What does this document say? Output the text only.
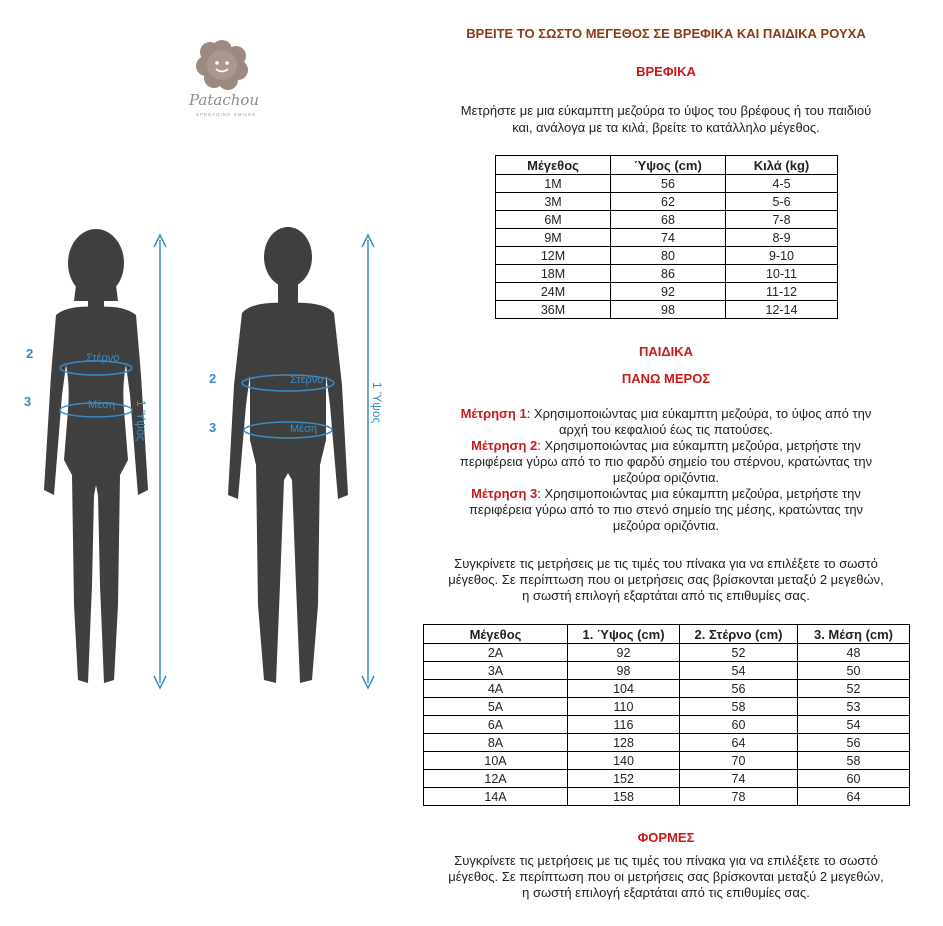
Patachou
SPREADING SMILES
2	Στέρνο
3	Μέση 1 Ύψος
2	Στέρνο
3	Μέση
1 Ύψος
ΒΡΕΙΤΕ ΤΟ ΣΩΣΤΟ ΜΕΓΕΘΟΣ ΣΕ ΒΡΕΦΙΚΑ ΚΑΙ ΠΑΙΔΙΚΑ ΡΟΥΧΑ
ΒΡΕΦΙΚΑ
Μετρήστε με μια εύκαμπτη μεζούρα το ύψος του βρέφους ή του παιδιού
και, ανάλογα με τα κιλά, βρείτε το κατάλληλο μέγεθος.
Μέγεθος	Ύψος (cm)	Κιλά (kg)
1M	56	4-5
3M	62	5-6
6M	68	7-8
9M	74	8-9
12M	80	9-10
18M	86	10-11
24M	92	11-12
36M	98	12-14
ΠΑΙΔΙΚΑ
ΠΑΝΩ ΜΕΡΟΣ
Μέτρηση 1: Χρησιμοποιώντας μια εύκαμπτη μεζούρα, το ύψος από την
αρχή του κεφαλιού έως τις πατούσες.
Μέτρηση 2: Χρησιμοποιώντας μια εύκαμπτη μεζούρα, μετρήστε την
περιφέρεια γύρω από το πιο φαρδύ σημείο του στέρνου, κρατώντας την
μεζούρα οριζόντια.
Μέτρηση 3: Χρησιμοποιώντας μια εύκαμπτη μεζούρα, μετρήστε την
περιφέρεια γύρω από το πιο στενό σημείο της μέσης, κρατώντας την
μεζούρα οριζόντια.
Συγκρίνετε τις μετρήσεις με τις τιμές του πίνακα για να επιλέξετε το σωστό
μέγεθος. Σε περίπτωση που οι μετρήσεις σας βρίσκονται μεταξύ 2 μεγεθών,
η σωστή επιλογή εξαρτάται από τις επιθυμίες σας.
Μέγεθος	1. Ύψος (cm)	2. Στέρνο (cm)	3. Μέση (cm)
2A	92	52	48
3A	98	54	50
4A	104	56	52
5A	110	58	53
6A	116	60	54
8A	128	64	56
10A	140	70	58
12A	152	74	60
14A	158	78	64
ΦΟΡΜΕΣ
Συγκρίνετε τις μετρήσεις με τις τιμές του πίνακα για να επιλέξετε το σωστό
μέγεθος. Σε περίπτωση που οι μετρήσεις σας βρίσκονται μεταξύ 2 μεγεθών,
η σωστή επιλογή εξαρτάται από τις επιθυμίες σας.
